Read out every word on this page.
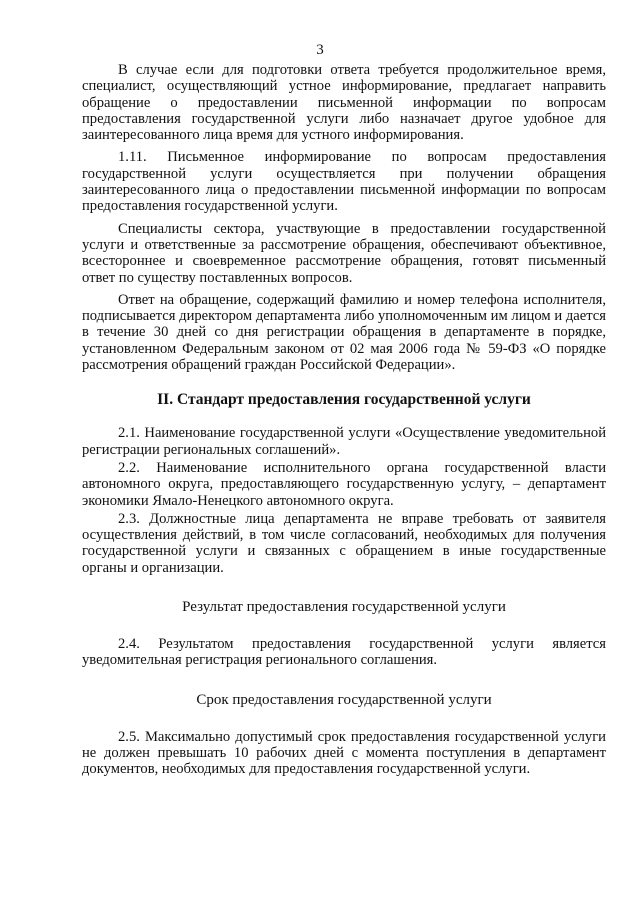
3

В случае если для подготовки ответа требуется продолжительное время, специалист, осуществляющий устное информирование, предлагает направить обращение о предоставлении письменной информации по вопросам предоставления государственной услуги либо назначает другое удобное для заинтересованного лица время для устного информирования.

1.11. Письменное информирование по вопросам предоставления государственной услуги осуществляется при получении обращения заинтересованного лица о предоставлении письменной информации по вопросам предоставления государственной услуги.

Специалисты сектора, участвующие в предоставлении государственной услуги и ответственные за рассмотрение обращения, обеспечивают объективное, всестороннее и своевременное рассмотрение обращения, готовят письменный ответ по существу поставленных вопросов.

Ответ на обращение, содержащий фамилию и номер телефона исполнителя, подписывается директором департамента либо уполномоченным им лицом и дается в течение 30 дней со дня регистрации обращения в департаменте в порядке, установленном Федеральным законом от 02 мая 2006 года № 59-ФЗ «О порядке рассмотрения обращений граждан Российской Федерации».

II. Стандарт предоставления государственной услуги

2.1. Наименование государственной услуги «Осуществление уведомительной регистрации региональных соглашений».

2.2. Наименование исполнительного органа государственной власти автономного округа, предоставляющего государственную услугу, – департамент экономики Ямало-Ненецкого автономного округа.

2.3. Должностные лица департамента не вправе требовать от заявителя осуществления действий, в том числе согласований, необходимых для получения государственной услуги и связанных с обращением в иные государственные органы и организации.

Результат предоставления государственной услуги

2.4. Результатом предоставления государственной услуги является уведомительная регистрация регионального соглашения.

Срок предоставления государственной услуги

2.5. Максимально допустимый срок предоставления государственной услуги не должен превышать 10 рабочих дней с момента поступления в департамент документов, необходимых для предоставления государственной услуги.
